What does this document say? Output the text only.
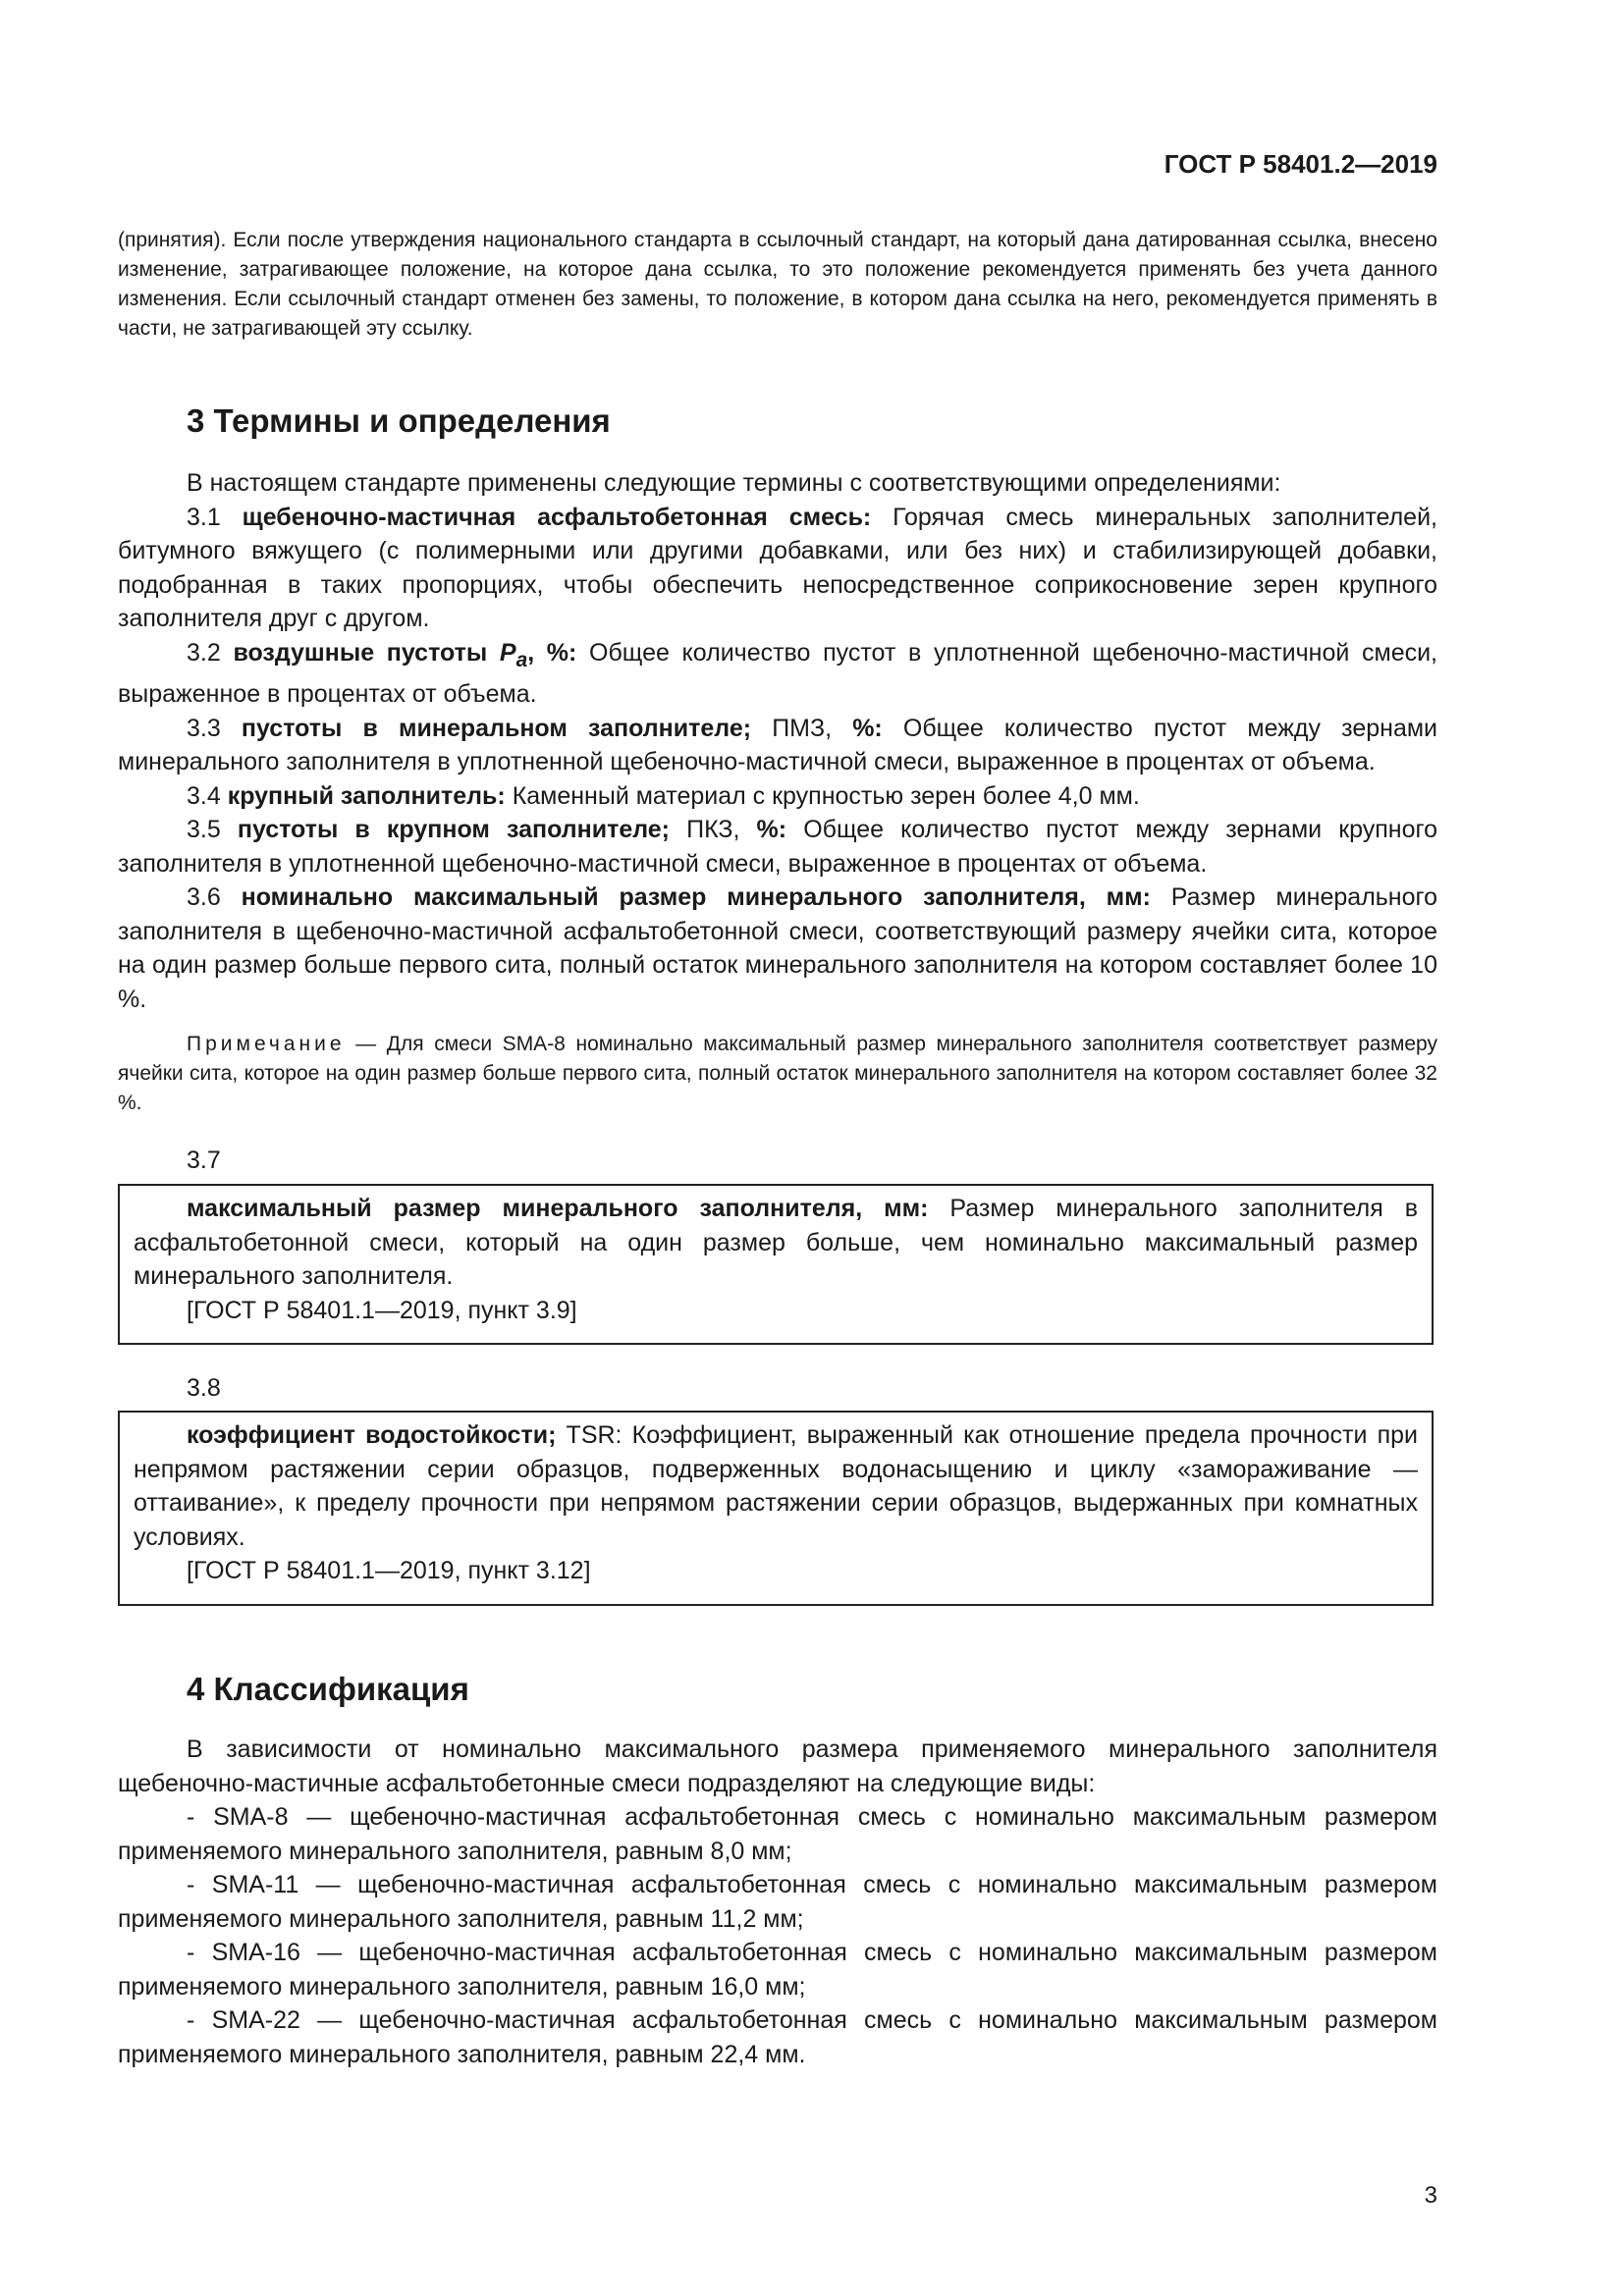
ГОСТ Р 58401.2—2019
(принятия). Если после утверждения национального стандарта в ссылочный стандарт, на который дана датированная ссылка, внесено изменение, затрагивающее положение, на которое дана ссылка, то это положение рекомендуется применять без учета данного изменения. Если ссылочный стандарт отменен без замены, то положение, в котором дана ссылка на него, рекомендуется применять в части, не затрагивающей эту ссылку.
3 Термины и определения

В настоящем стандарте применены следующие термины с соответствующими определениями:

3.1 щебеночно-мастичная асфальтобетонная смесь: Горячая смесь минеральных заполнителей, битумного вяжущего (с полимерными или другими добавками, или без них) и стабилизирующей добавки, подобранная в таких пропорциях, чтобы обеспечить непосредственное соприкосновение зерен крупного заполнителя друг с другом.

3.2 воздушные пустоты $P_a$, %: Общее количество пустот в уплотненной щебеночно-мастичной смеси, выраженное в процентах от объема.

3.3 пустоты в минеральном заполнителе; ПМЗ, %: Общее количество пустот между зернами минерального заполнителя в уплотненной щебеночно-мастичной смеси, выраженное в процентах от объема.

3.4 крупный заполнитель: Каменный материал с крупностью зерен более 4,0 мм.

3.5 пустоты в крупном заполнителе; ПКЗ, %: Общее количество пустот между зернами крупного заполнителя в уплотненной щебеночно-мастичной смеси, выраженное в процентах от объема.

3.6 номинально максимальный размер минерального заполнителя, мм: Размер минерального заполнителя в щебеночно-мастичной асфальтобетонной смеси, соответствующий размеру ячейки сита, которое на один размер больше первого сита, полный остаток минерального заполнителя на котором составляет более 10 %.

Примечание — Для смеси SMA-8 номинально максимальный размер минерального заполнителя соответствует размеру ячейки сита, которое на один размер больше первого сита, полный остаток минерального заполнителя на котором составляет более 32 %.

3.7

максимальный размер минерального заполнителя, мм: Размер минерального заполнителя в асфальтобетонной смеси, который на один размер больше, чем номинально максимальный размер минерального заполнителя.

[ГОСТ Р 58401.1—2019, пункт 3.9]
3.8

коэффициент водостойкости; TSR: Коэффициент, выраженный как отношение предела прочности при непрямом растяжении серии образцов, подверженных водонасыщению и циклу «замораживание — оттаивание», к пределу прочности при непрямом растяжении серии образцов, выдержанных при комнатных условиях.

[ГОСТ Р 58401.1—2019, пункт 3.12]
4 Классификация

В зависимости от номинально максимального размера применяемого минерального заполнителя щебеночно-мастичные асфальтобетонные смеси подразделяют на следующие виды:

- SMA-8 — щебеночно-мастичная асфальтобетонная смесь с номинально максимальным размером применяемого минерального заполнителя, равным 8,0 мм;

- SMA-11 — щебеночно-мастичная асфальтобетонная смесь с номинально максимальным размером применяемого минерального заполнителя, равным 11,2 мм;

- SMA-16 — щебеночно-мастичная асфальтобетонная смесь с номинально максимальным размером применяемого минерального заполнителя, равным 16,0 мм;

- SMA-22 — щебеночно-мастичная асфальтобетонная смесь с номинально максимальным размером применяемого минерального заполнителя, равным 22,4 мм.

3
